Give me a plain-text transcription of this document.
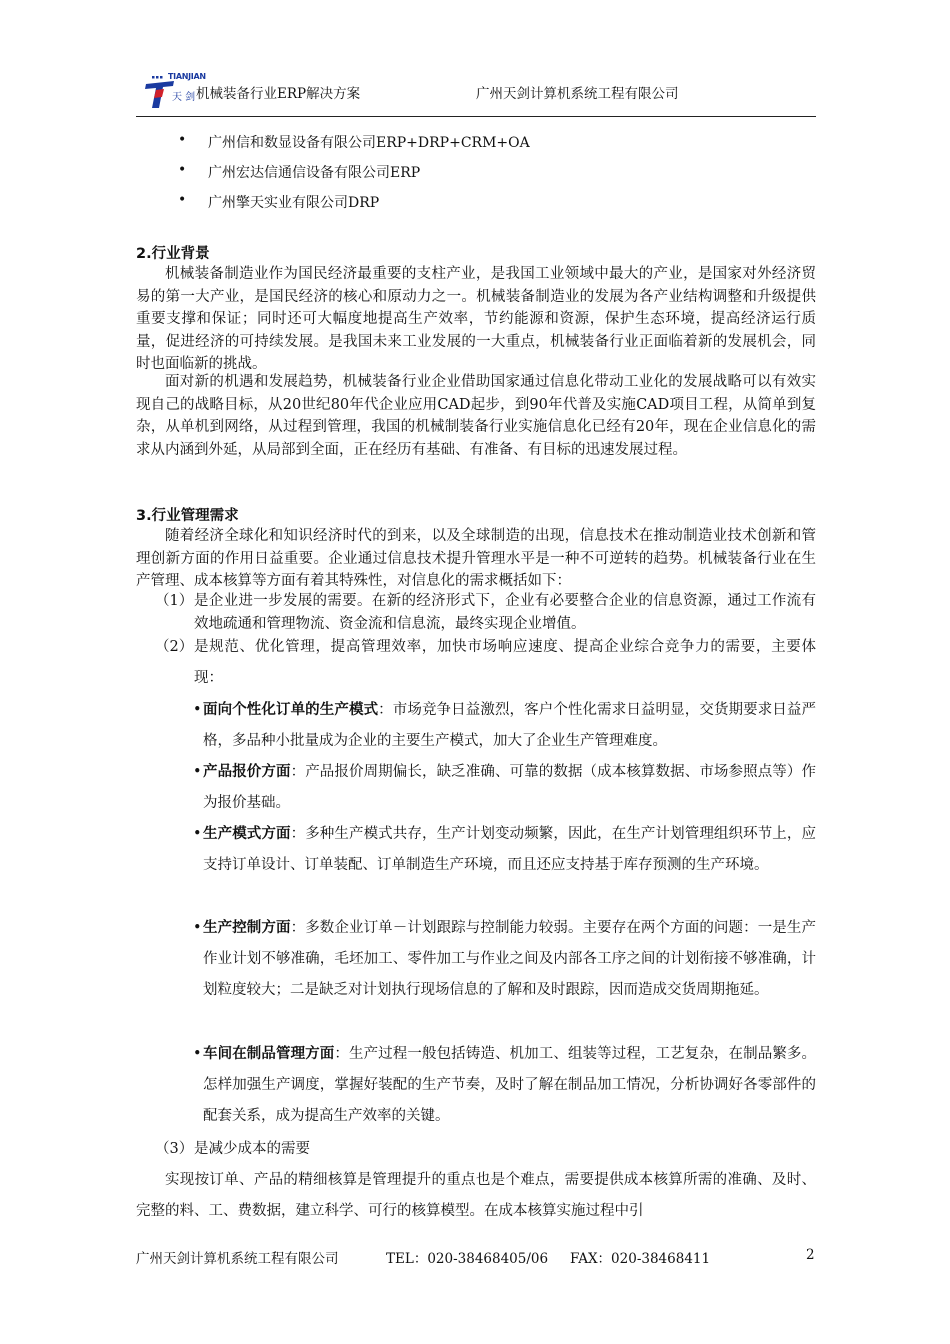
TIANJIAN
天 剑 机械装备行业ERP解决方案	广州天剑计算机系统工程有限公司
• 广州信和数显设备有限公司ERP+DRP+CRM+OA
• 广州宏达信通信设备有限公司ERP
• 广州擎天实业有限公司DRP
2.行业背景
机械装备制造业作为国民经济最重要的支柱产业，是我国工业领域中最大的产业，是国家对外经济贸易的第一大产业，是国民经济的核心和原动力之一。机械装备制造业的发展为各产业结构调整和升级提供重要支撑和保证；同时还可大幅度地提高生产效率，节约能源和资源，保护生态环境，提高经济运行质量，促进经济的可持续发展。是我国未来工业发展的一大重点，机械装备行业正面临着新的发展机会，同时也面临新的挑战。
面对新的机遇和发展趋势，机械装备行业企业借助国家通过信息化带动工业化的发展战略可以有效实现自己的战略目标，从20世纪80年代企业应用CAD起步，到90年代普及实施CAD项目工程，从简单到复杂，从单机到网络，从过程到管理，我国的机械制装备行业实施信息化已经有20年，现在企业信息化的需求从内涵到外延，从局部到全面，正在经历有基础、有准备、有目标的迅速发展过程。
3.行业管理需求
随着经济全球化和知识经济时代的到来，以及全球制造的出现，信息技术在推动制造业技术创新和管理创新方面的作用日益重要。企业通过信息技术提升管理水平是一种不可逆转的趋势。机械装备行业在生产管理、成本核算等方面有着其特殊性，对信息化的需求概括如下：
（1） 是企业进一步发展的需要。在新的经济形式下，企业有必要整合企业的信息资源，通过工作流有效地疏通和管理物流、资金流和信息流，最终实现企业增值。
（2） 是规范、优化管理，提高管理效率，加快市场响应速度、提高企业综合竞争力的需要，主要体现：
• 面向个性化订单的生产模式：市场竞争日益激烈，客户个性化需求日益明显，交货期要求日益严格，多品种小批量成为企业的主要生产模式，加大了企业生产管理难度。
• 产品报价方面：产品报价周期偏长，缺乏准确、可靠的数据（成本核算数据、市场参照点等）作为报价基础。
• 生产模式方面：多种生产模式共存，生产计划变动频繁，因此，在生产计划管理组织环节上，应支持订单设计、订单装配、订单制造生产环境，而且还应支持基于库存预测的生产环境。
• 生产控制方面：多数企业订单－计划跟踪与控制能力较弱。主要存在两个方面的问题：一是生产作业计划不够准确，毛坯加工、零件加工与作业之间及内部各工序之间的计划衔接不够准确，计划粒度较大；二是缺乏对计划执行现场信息的了解和及时跟踪，因而造成交货周期拖延。
• 车间在制品管理方面：生产过程一般包括铸造、机加工、组装等过程，工艺复杂，在制品繁多。怎样加强生产调度，掌握好装配的生产节奏，及时了解在制品加工情况，分析协调好各零部件的配套关系，成为提高生产效率的关键。
（3） 是减少成本的需要
实现按订单、产品的精细核算是管理提升的重点也是个难点，需要提供成本核算所需的准确、及时、完整的料、工、费数据，建立科学、可行的核算模型。在成本核算实施过程中引
广州天剑计算机系统工程有限公司	TEL：020-38468405/06 FAX：020-38468411	2
